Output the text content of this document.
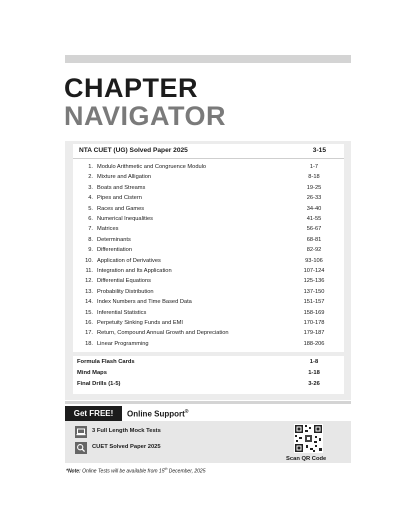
CHAPTER
NAVIGATOR
NTA CUET (UG) Solved Paper 2025	3-15
1. Modulo Arithmetic and Congruence Modulo	1-7
2. Mixture and Alligation	8-18
3. Boats and Streams	19-25
4. Pipes and Cistern	26-33
5. Races and Games	34-40
6. Numerical Inequalities	41-55
7. Matrices	56-67
8. Determinants	68-81
9. Differentiation	82-92
10. Application of Derivatives	93-106
11. Integration and Its Application	107-124
12. Differential Equations	125-136
13. Probability Distribution	137-150
14. Index Numbers and Time Based Data	151-157
15. Inferential Statistics	158-169
16. Perpetuity Sinking Funds and EMI	170-178
17. Return, Compound Annual Growth and Depreciation	179-187
18. Linear Programming	188-206
Formula Flash Cards	1-8
Mind Maps	1-18
Final Drills (1-5)	3-26
Get FREE!	Online Support®
3 Full Length Mock Tests
CUET Solved Paper 2025
Scan QR Code
*Note: Online Tests will be available from 15th December, 2025
